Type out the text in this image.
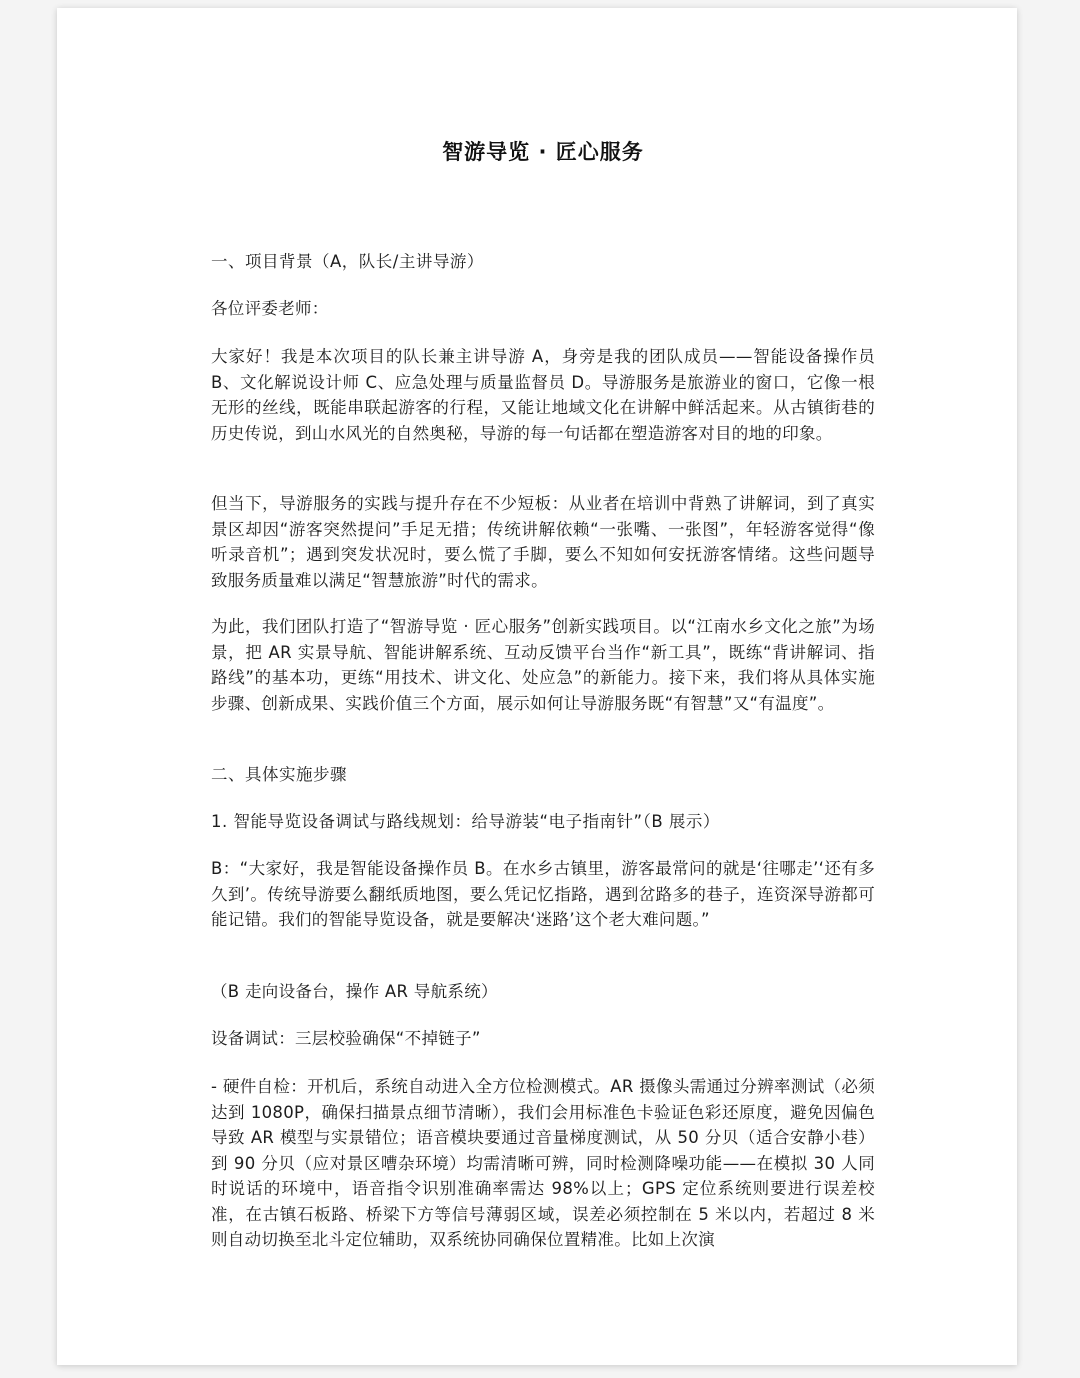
智游导览 · 匠心服务

一、项目背景（A，队长/主讲导游）

各位评委老师：

大家好！我是本次项目的队长兼主讲导游 A，身旁是我的团队成员——智能设备操作员 B、文化解说设计师 C、应急处理与质量监督员 D。导游服务是旅游业的窗口，它像一根无形的丝线，既能串联起游客的行程，又能让地域文化在讲解中鲜活起来。从古镇街巷的历史传说，到山水风光的自然奥秘，导游的每一句话都在塑造游客对目的地的印象。

但当下，导游服务的实践与提升存在不少短板：从业者在培训中背熟了讲解词，到了真实景区却因“游客突然提问”手足无措；传统讲解依赖“一张嘴、一张图”，年轻游客觉得“像听录音机”；遇到突发状况时，要么慌了手脚，要么不知如何安抚游客情绪。这些问题导致服务质量难以满足“智慧旅游”时代的需求。

为此，我们团队打造了“智游导览 · 匠心服务”创新实践项目。以“江南水乡文化之旅”为场景，把 AR 实景导航、智能讲解系统、互动反馈平台当作“新工具”，既练“背讲解词、指路线”的基本功，更练“用技术、讲文化、处应急”的新能力。接下来，我们将从具体实施步骤、创新成果、实践价值三个方面，展示如何让导游服务既“有智慧”又“有温度”。

二、具体实施步骤

1. 智能导览设备调试与路线规划：给导游装“电子指南针”（B 展示）

B：“大家好，我是智能设备操作员 B。在水乡古镇里，游客最常问的就是‘往哪走’‘还有多久到’。传统导游要么翻纸质地图，要么凭记忆指路，遇到岔路多的巷子，连资深导游都可能记错。我们的智能导览设备，就是要解决‘迷路’这个老大难问题。”

（B 走向设备台，操作 AR 导航系统）

设备调试：三层校验确保“不掉链子”

- 硬件自检：开机后，系统自动进入全方位检测模式。AR 摄像头需通过分辨率测试（必须达到 1080P，确保扫描景点细节清晰），我们会用标准色卡验证色彩还原度，避免因偏色导致 AR 模型与实景错位；语音模块要通过音量梯度测试，从 50 分贝（适合安静小巷）到 90 分贝（应对景区嘈杂环境）均需清晰可辨，同时检测降噪功能——在模拟 30 人同时说话的环境中，语音指令识别准确率需达 98%以上；GPS 定位系统则要进行误差校准，在古镇石板路、桥梁下方等信号薄弱区域，误差必须控制在 5 米以内，若超过 8 米则自动切换至北斗定位辅助，双系统协同确保位置精准。比如上次演
